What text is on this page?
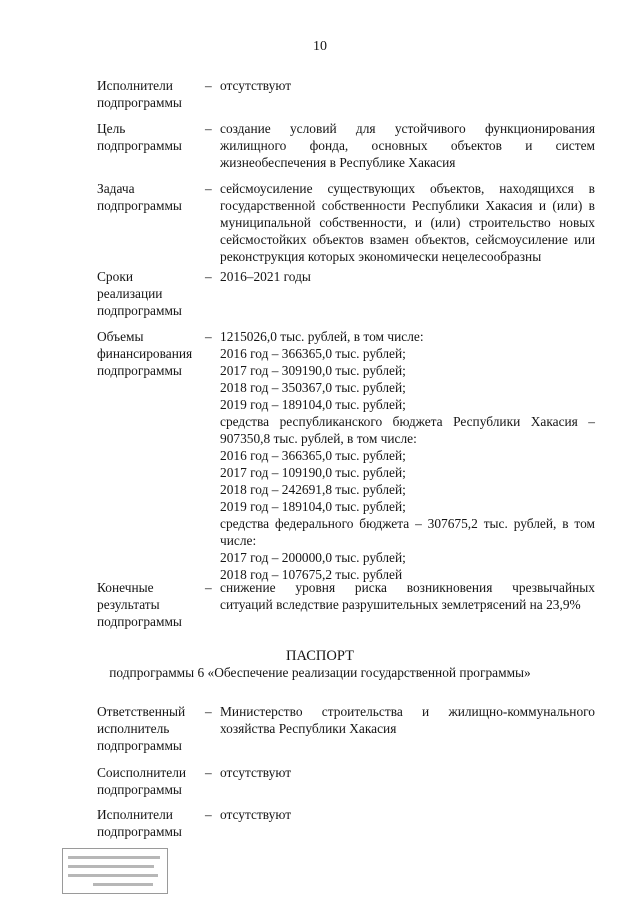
10
Исполнители
подпрограммы
– отсутствуют
Цель
подпрограммы
– создание условий для устойчивого функционирования
жилищного фонда, основных объектов и систем
жизнеобеспечения в Республике Хакасия
Задача
подпрограммы
– сейсмоусиление существующих объектов, находящихся в
государственной собственности Республики Хакасия и (или) в
муниципальной собственности, и (или) строительство новых
сейсмостойких объектов взамен объектов, сейсмоусиление или
реконструкция которых экономически нецелесообразны
Сроки
реализации
подпрограммы
– 2016–2021 годы
Объемы
финансирования
подпрограммы
– 1215026,0 тыс. рублей, в том числе:
2016 год – 366365,0 тыс. рублей;
2017 год – 309190,0 тыс. рублей;
2018 год – 350367,0 тыс. рублей;
2019 год – 189104,0 тыс. рублей;
средства республиканского бюджета Республики Хакасия –
907350,8 тыс. рублей, в том числе:
2016 год – 366365,0 тыс. рублей;
2017 год – 109190,0 тыс. рублей;
2018 год – 242691,8 тыс. рублей;
2019 год – 189104,0 тыс. рублей;
средства федерального бюджета – 307675,2 тыс. рублей, в том
числе:
2017 год – 200000,0 тыс. рублей;
2018 год – 107675,2 тыс. рублей
Конечные
результаты
подпрограммы
– снижение уровня риска возникновения чрезвычайных
ситуаций вследствие разрушительных землетрясений на 23,9%
ПАСПОРТ
подпрограммы 6 «Обеспечение реализации государственной программы»
Ответственный
исполнитель
подпрограммы
– Министерство строительства и жилищно-коммунального
хозяйства Республики Хакасия
Соисполнители
подпрограммы
– отсутствуют
Исполнители
подпрограммы
– отсутствуют
